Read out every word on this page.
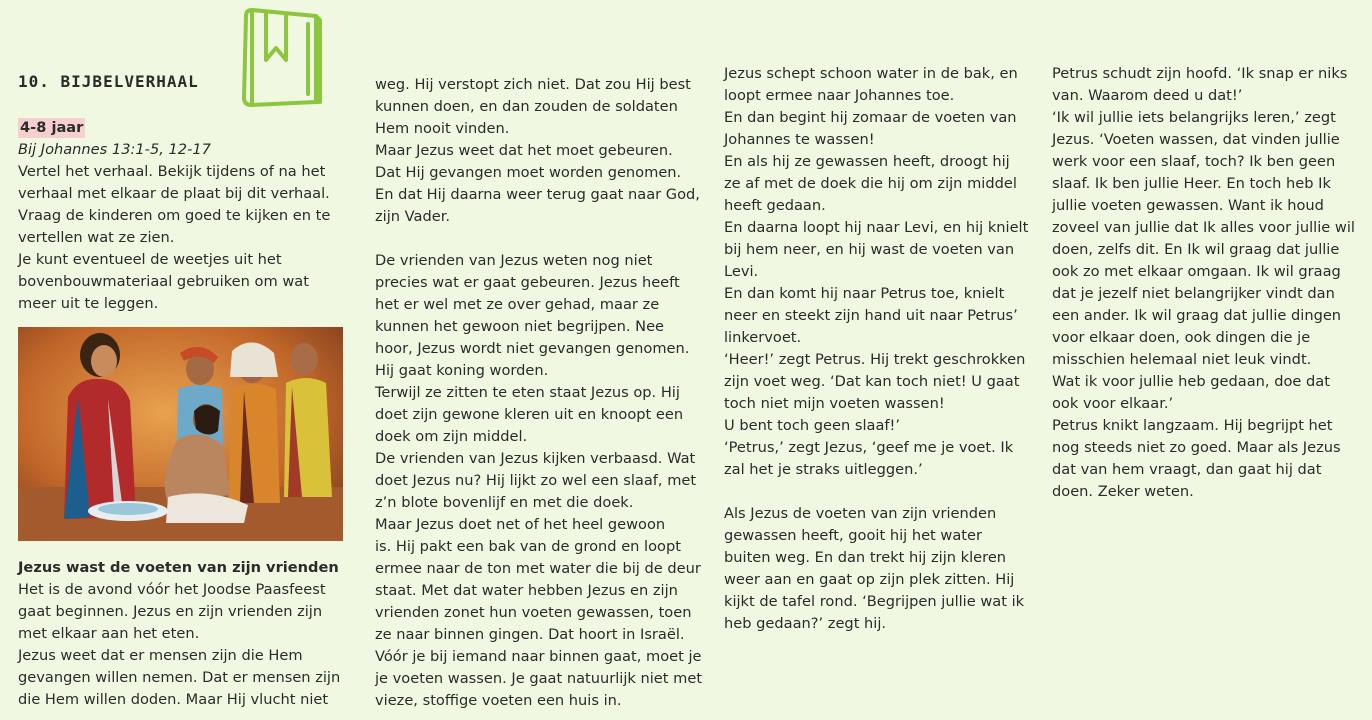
10. BIJBELVERHAAL

4-8 jaar

Bij Johannes 13:1-5, 12-17

Vertel het verhaal. Bekijk tijdens of na het

verhaal met elkaar de plaat bij dit verhaal.

Vraag de kinderen om goed te kijken en te

vertellen wat ze zien.

Je kunt eventueel de weetjes uit het

bovenbouwmateriaal gebruiken om wat

meer uit te leggen.

Jezus wast de voeten van zijn vrienden

Het is de avond vóór het Joodse Paasfeest

gaat beginnen. Jezus en zijn vrienden zijn

met elkaar aan het eten.

Jezus weet dat er mensen zijn die Hem

gevangen willen nemen. Dat er mensen zijn

die Hem willen doden. Maar Hij vlucht niet

weg. Hij verstopt zich niet. Dat zou Hij best

kunnen doen, en dan zouden de soldaten

Hem nooit vinden.

Maar Jezus weet dat het moet gebeuren.

Dat Hij gevangen moet worden genomen.

En dat Hij daarna weer terug gaat naar God,

zijn Vader.

De vrienden van Jezus weten nog niet

precies wat er gaat gebeuren. Jezus heeft

het er wel met ze over gehad, maar ze

kunnen het gewoon niet begrijpen. Nee

hoor, Jezus wordt niet gevangen genomen.

Hij gaat koning worden.

Terwijl ze zitten te eten staat Jezus op. Hij

doet zijn gewone kleren uit en knoopt een

doek om zijn middel.

De vrienden van Jezus kijken verbaasd. Wat

doet Jezus nu? Hij lijkt zo wel een slaaf, met

z’n blote bovenlijf en met die doek.

Maar Jezus doet net of het heel gewoon

is. Hij pakt een bak van de grond en loopt

ermee naar de ton met water die bij de deur

staat. Met dat water hebben Jezus en zijn

vrienden zonet hun voeten gewassen, toen

ze naar binnen gingen. Dat hoort in Israël.

Vóór je bij iemand naar binnen gaat, moet je

je voeten wassen. Je gaat natuurlijk niet met

vieze, stoffige voeten een huis in.

Jezus schept schoon water in de bak, en

loopt ermee naar Johannes toe.

En dan begint hij zomaar de voeten van

Johannes te wassen!

En als hij ze gewassen heeft, droogt hij

ze af met de doek die hij om zijn middel

heeft gedaan.

En daarna loopt hij naar Levi, en hij knielt

bij hem neer, en hij wast de voeten van

Levi.

En dan komt hij naar Petrus toe, knielt

neer en steekt zijn hand uit naar Petrus’

linkervoet.

‘Heer!’ zegt Petrus. Hij trekt geschrokken

zijn voet weg. ‘Dat kan toch niet! U gaat

toch niet mijn voeten wassen!

U bent toch geen slaaf!’

‘Petrus,’ zegt Jezus, ‘geef me je voet. Ik

zal het je straks uitleggen.’

Als Jezus de voeten van zijn vrienden

gewassen heeft, gooit hij het water

buiten weg. En dan trekt hij zijn kleren

weer aan en gaat op zijn plek zitten. Hij

kijkt de tafel rond. ‘Begrijpen jullie wat ik

heb gedaan?’ zegt hij.

Petrus schudt zijn hoofd. ‘Ik snap er niks

van. Waarom deed u dat!’

‘Ik wil jullie iets belangrijks leren,’ zegt

Jezus. ‘Voeten wassen, dat vinden jullie

werk voor een slaaf, toch? Ik ben geen

slaaf. Ik ben jullie Heer. En toch heb Ik

jullie voeten gewassen. Want ik houd

zoveel van jullie dat Ik alles voor jullie wil

doen, zelfs dit. En Ik wil graag dat jullie

ook zo met elkaar omgaan. Ik wil graag

dat je jezelf niet belangrijker vindt dan

een ander. Ik wil graag dat jullie dingen

voor elkaar doen, ook dingen die je

misschien helemaal niet leuk vindt.

Wat ik voor jullie heb gedaan, doe dat

ook voor elkaar.’

Petrus knikt langzaam. Hij begrijpt het

nog steeds niet zo goed. Maar als Jezus

dat van hem vraagt, dan gaat hij dat

doen. Zeker weten.
